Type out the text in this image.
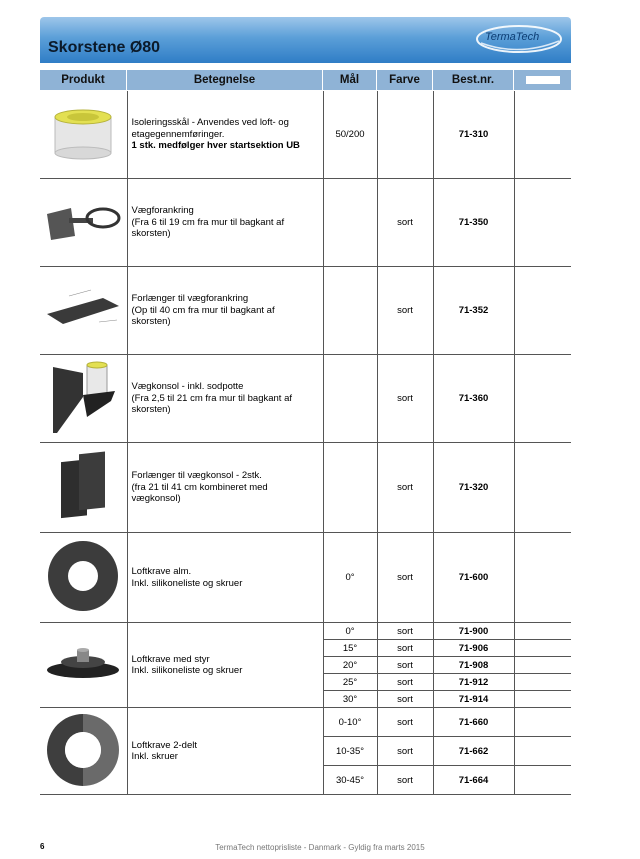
Skorstene Ø80
TermaTech
Produkt	Betegnelse	Mål	Farve	Best.nr.

Isoleringsskål - Anvendes ved loft- og
etagegennemføringer.
1 stk. medfølger hver startsektion UB	50/200		71-310	

Vægforankring
(Fra 6 til 19 cm fra mur til bagkant af
skorsten)		sort	71-350	

Forlænger til vægforankring
(Op til 40 cm fra mur til bagkant af
skorsten)		sort	71-352	

Vægkonsol - inkl. sodpotte
(Fra 2,5 til 21 cm fra mur til bagkant af
skorsten)		sort	71-360	

Forlænger til vægkonsol - 2stk.
(fra 21 til 41 cm kombineret med
vægkonsol)		sort	71-320	

Loftkrave alm.
Inkl. silikoneliste og skruer	0°	sort	71-600	

Loftkrave med styr
Inkl. silikoneliste og skruer	0°	sort	71-900	
		15°	sort	71-906	
		20°	sort	71-908	
		25°	sort	71-912	
		30°	sort	71-914	

Loftkrave 2-delt
Inkl. skruer	0-10°	sort	71-660	
		10-35°	sort	71-662	
		30-45°	sort	71-664	
6	TermaTech nettoprisliste - Danmark - Gyldig fra marts 2015
